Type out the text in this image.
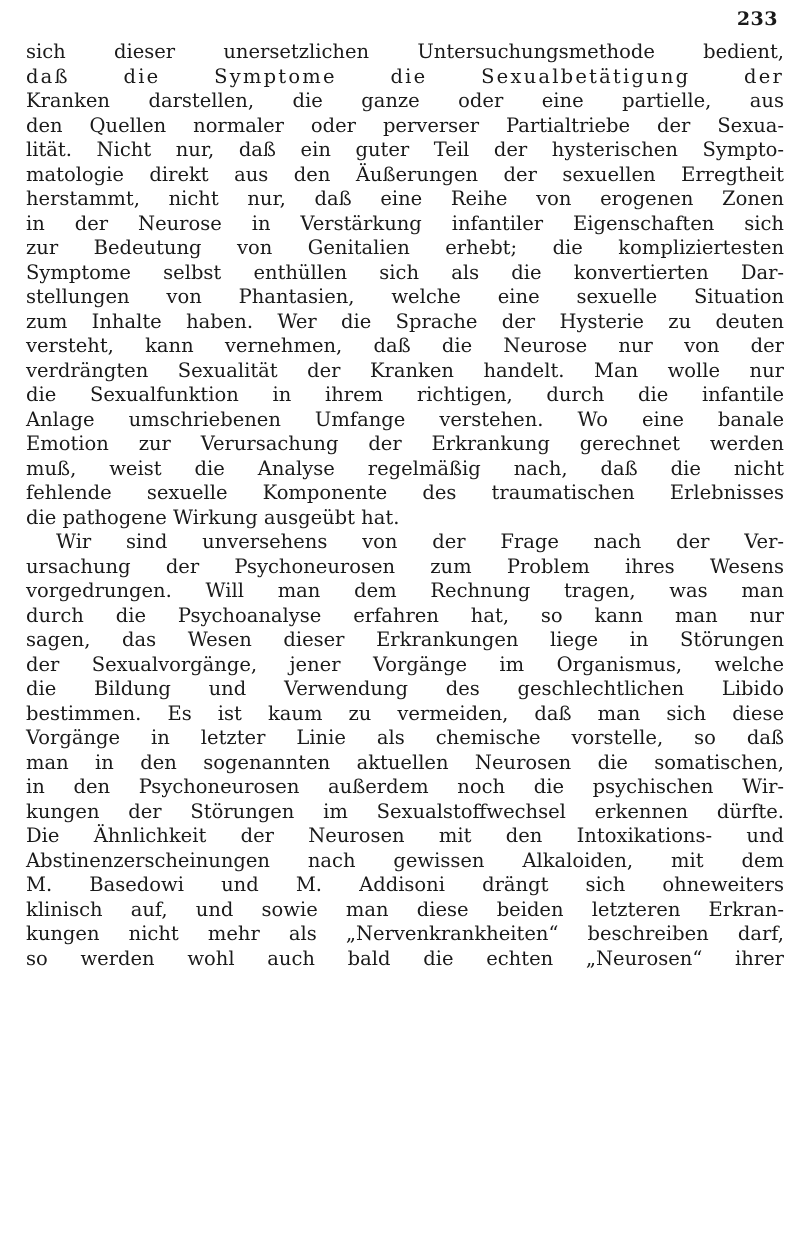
233
sich dieser unersetzlichen Untersuchungsmethode bedient,
daß die Symptome die Sexualbetätigung der
Kranken darstellen, die ganze oder eine partielle, aus
den Quellen normaler oder perverser Partialtriebe der Sexua-
lität. Nicht nur, daß ein guter Teil der hysterischen Sympto-
matologie direkt aus den Äußerungen der sexuellen Erregtheit
herstammt, nicht nur, daß eine Reihe von erogenen Zonen
in der Neurose in Verstärkung infantiler Eigenschaften sich
zur Bedeutung von Genitalien erhebt; die kompliziertesten
Symptome selbst enthüllen sich als die konvertierten Dar-
stellungen von Phantasien, welche eine sexuelle Situation
zum Inhalte haben. Wer die Sprache der Hysterie zu deuten
versteht, kann vernehmen, daß die Neurose nur von der
verdrängten Sexualität der Kranken handelt. Man wolle nur
die Sexualfunktion in ihrem richtigen, durch die infantile
Anlage umschriebenen Umfange verstehen. Wo eine banale
Emotion zur Verursachung der Erkrankung gerechnet werden
muß, weist die Analyse regelmäßig nach, daß die nicht
fehlende sexuelle Komponente des traumatischen Erlebnisses
die pathogene Wirkung ausgeübt hat.
Wir sind unversehens von der Frage nach der Ver-
ursachung der Psychoneurosen zum Problem ihres Wesens
vorgedrungen. Will man dem Rechnung tragen, was man
durch die Psychoanalyse erfahren hat, so kann man nur
sagen, das Wesen dieser Erkrankungen liege in Störungen
der Sexualvorgänge, jener Vorgänge im Organismus, welche
die Bildung und Verwendung des geschlechtlichen Libido
bestimmen. Es ist kaum zu vermeiden, daß man sich diese
Vorgänge in letzter Linie als chemische vorstelle, so daß
man in den sogenannten aktuellen Neurosen die somatischen,
in den Psychoneurosen außerdem noch die psychischen Wir-
kungen der Störungen im Sexualstoffwechsel erkennen dürfte.
Die Ähnlichkeit der Neurosen mit den Intoxikations- und
Abstinenzerscheinungen nach gewissen Alkaloiden, mit dem
M. Basedowi und M. Addisoni drängt sich ohneweiters
klinisch auf, und sowie man diese beiden letzteren Erkran-
kungen nicht mehr als „Nervenkrankheiten“ beschreiben darf,
so werden wohl auch bald die echten „Neurosen“ ihrer
